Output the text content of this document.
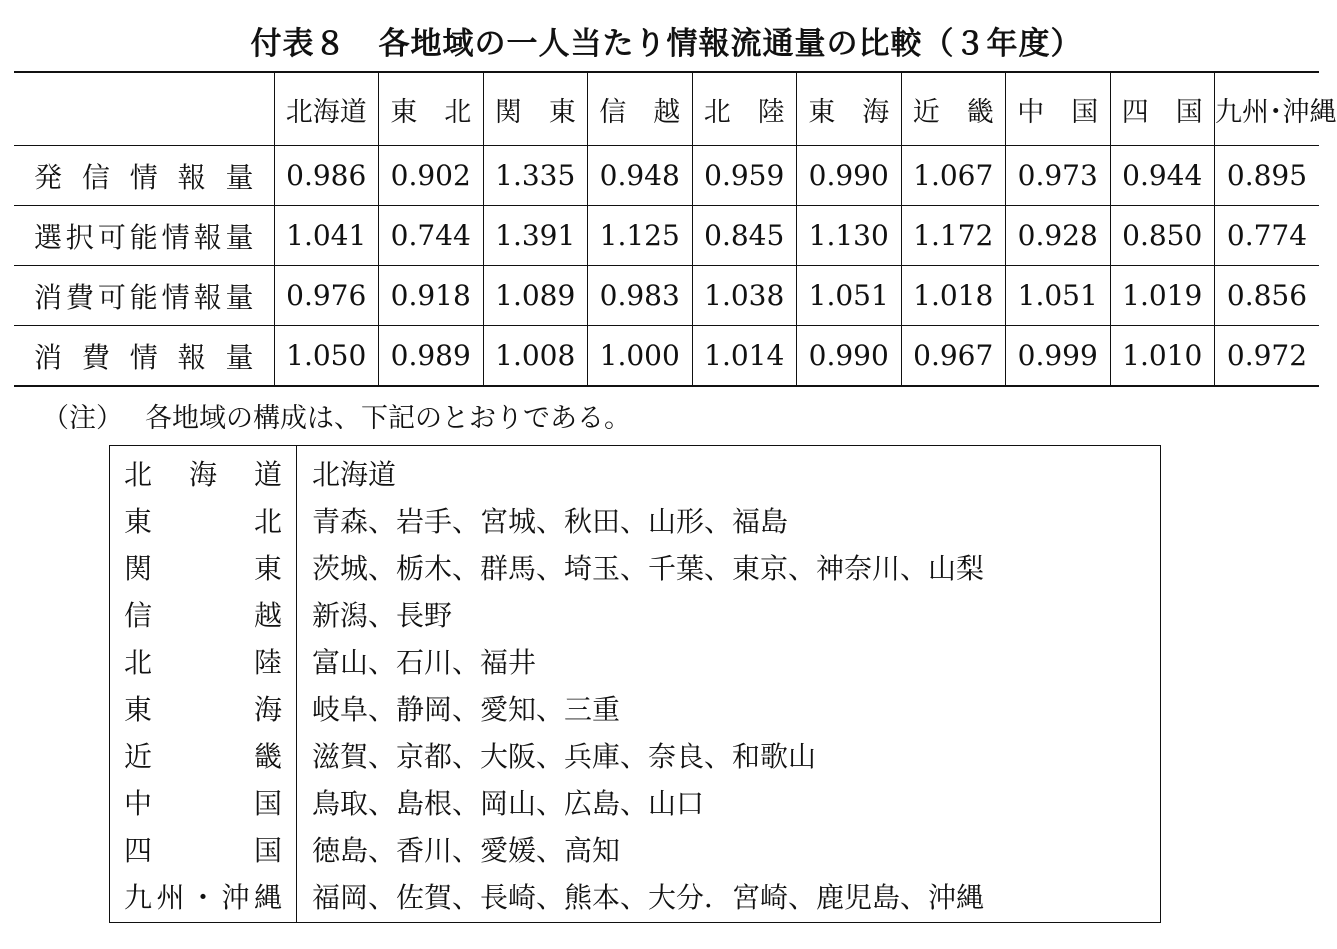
付表８　各地域の一人当たり情報流通量の比較（３年度）
	北海道	東　北	関　東	信　越	北　陸	東　海	近　畿	中　国	四　国	九州･沖縄
発信情報量	0.986	0.902	1.335	0.948	0.959	0.990	1.067	0.973	0.944	0.895
選択可能情報量	1.041	0.744	1.391	1.125	0.845	1.130	1.172	0.928	0.850	0.774
消費可能情報量	0.976	0.918	1.089	0.983	1.038	1.051	1.018	1.051	1.019	0.856
消費情報量	1.050	0.989	1.008	1.000	1.014	0.990	0.967	0.999	1.010	0.972
（注） 各地域の構成は、下記のとおりである。
北海道 北海道
東北 青森、岩手、宮城、秋田、山形、福島
関東 茨城、栃木、群馬、埼玉、千葉、東京、神奈川、山梨
信越 新潟、長野
北陸 富山、石川、福井
東海 岐阜、静岡、愛知、三重
近畿 滋賀、京都、大阪、兵庫、奈良、和歌山
中国 鳥取、島根、岡山、広島、山口
四国 徳島、香川、愛媛、高知
九州・沖縄 福岡、佐賀、長崎、熊本、大分．宮崎、鹿児島、沖縄
